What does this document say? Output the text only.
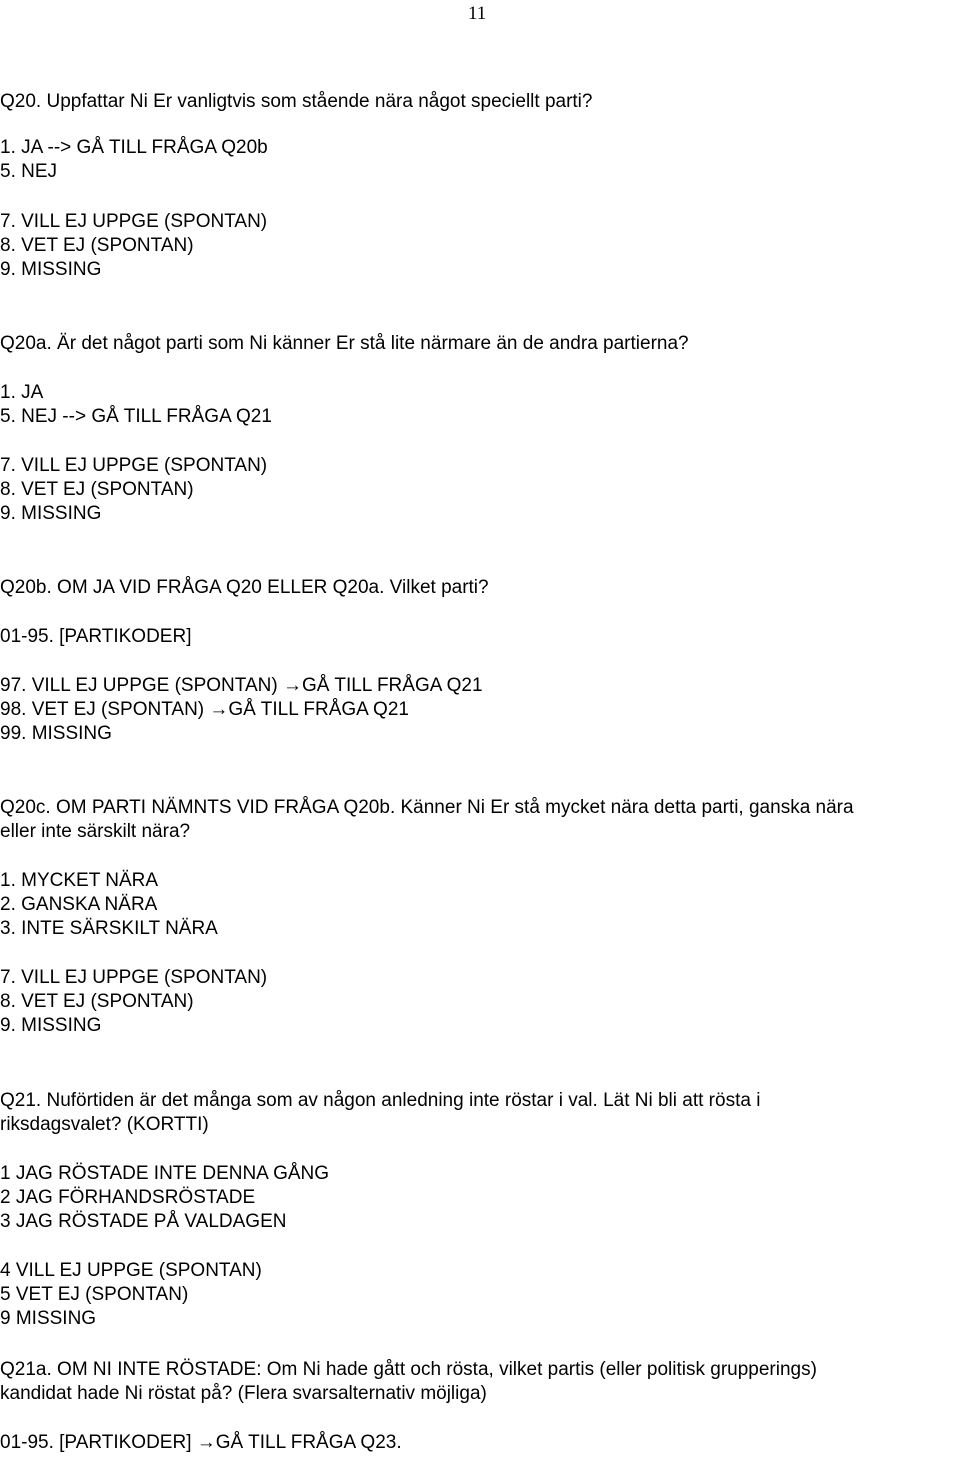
11
Q20. Uppfattar Ni Er vanligtvis som stående nära något speciellt parti?
1. JA --> GÅ TILL FRÅGA Q20b
5. NEJ
7. VILL EJ UPPGE (SPONTAN)
8. VET EJ (SPONTAN)
9. MISSING
Q20a. Är det något parti som Ni känner Er stå lite närmare än de andra partierna?
1. JA
5. NEJ --> GÅ TILL FRÅGA Q21
7. VILL EJ UPPGE (SPONTAN)
8. VET EJ (SPONTAN)
9. MISSING
Q20b. OM JA VID FRÅGA Q20 ELLER Q20a. Vilket parti?
01-95. [PARTIKODER]
97. VILL EJ UPPGE (SPONTAN) →GÅ TILL FRÅGA Q21
98. VET EJ (SPONTAN) →GÅ TILL FRÅGA Q21
99. MISSING
Q20c. OM PARTI NÄMNTS VID FRÅGA Q20b. Känner Ni Er stå mycket nära detta parti, ganska nära
eller inte särskilt nära?
1. MYCKET NÄRA
2. GANSKA NÄRA
3. INTE SÄRSKILT NÄRA
7. VILL EJ UPPGE (SPONTAN)
8. VET EJ (SPONTAN)
9. MISSING
Q21. Nuförtiden är det många som av någon anledning inte röstar i val. Lät Ni bli att rösta i
riksdagsvalet? (KORTTI)
1 JAG RÖSTADE INTE DENNA GÅNG
2 JAG FÖRHANDSRÖSTADE
3 JAG RÖSTADE PÅ VALDAGEN
4 VILL EJ UPPGE (SPONTAN)
5 VET EJ (SPONTAN)
9 MISSING
Q21a. OM NI INTE RÖSTADE: Om Ni hade gått och rösta, vilket partis (eller politisk grupperings)
kandidat hade Ni röstat på? (Flera svarsalternativ möjliga)
01-95. [PARTIKODER] →GÅ TILL FRÅGA Q23.
